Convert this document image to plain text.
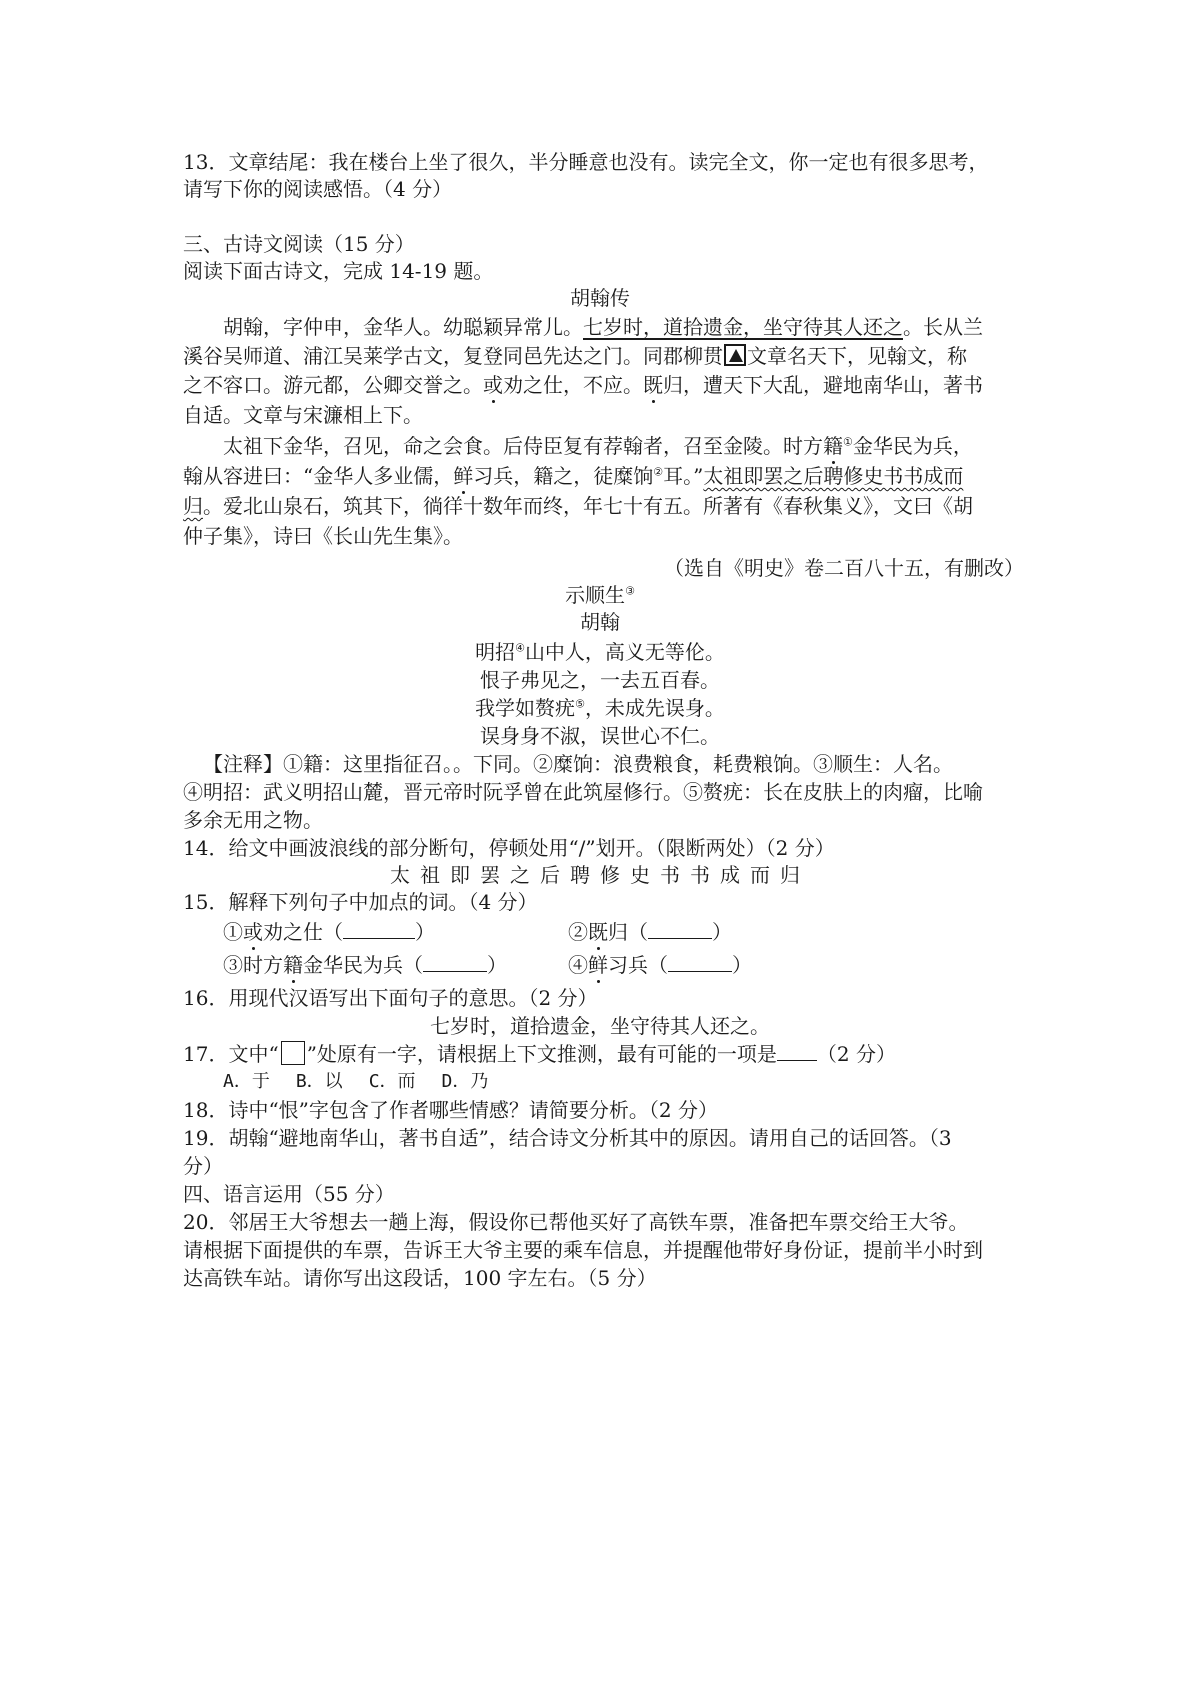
13．文章结尾：我在楼台上坐了很久，半分睡意也没有。读完全文，你一定也有很多思考，
请写下你的阅读感悟。（4 分）
三、古诗文阅读（15 分）
阅读下面古诗文，完成 14-19 题。
胡翰传
胡翰，字仲申，金华人。幼聪颖异常儿。七岁时，道拾遗金，坐守待其人还之。长从兰
溪谷吴师道、浦江吴莱学古文，复登同邑先达之门。同郡柳贯 文章名天下，见翰文，称
之不容口。游元都，公卿交誉之。或劝之仕，不应。既归，遭天下大乱，避地南华山，著书
自适。文章与宋濂相上下。
太祖下金华，召见，命之会食。后侍臣复有荐翰者，召至金陵。时方籍①金华民为兵，
翰从容进曰：“金华人多业儒，鲜习兵，籍之，徒糜饷②耳。”太祖即罢之后聘修史书书成而
归。爱北山泉石，筑其下，徜徉十数年而终，年七十有五。所著有《春秋集义》，文曰《胡
仲子集》，诗曰《长山先生集》。
（选自《明史》卷二百八十五，有删改）
示顺生③
胡翰
明招④山中人，高义无等伦。
恨子弗见之，一去五百春。
我学如赘疣⑤，未成先误身。
误身身不淑，误世心不仁。
【注释】①籍：这里指征召。。下同。②糜饷：浪费粮食，耗费粮饷。③顺生：人名。
④明招：武义明招山麓，晋元帝时阮孚曾在此筑屋修行。⑤赘疣：长在皮肤上的肉瘤，比喻
多余无用之物。
14．给文中画波浪线的部分断句，停顿处用“/”划开。（限断两处）（2 分）
太祖即罢之后聘修史书书成而归
15．解释下列句子中加点的词。（4 分）
①或劝之仕（	）	②既归（	）
③时方籍金华民为兵（	）	④鲜习兵（	）
16．用现代汉语写出下面句子的意思。（2 分）
七岁时，道拾遗金，坐守待其人还之。
17．文中“ ”处原有一字，请根据上下文推测，最有可能的一项是 （2 分）
A．于 B．以 C．而 D．乃
18．诗中“恨”字包含了作者哪些情感？请简要分析。（2 分）
19．胡翰“避地南华山，著书自适”，结合诗文分析其中的原因。请用自己的话回答。（3
分）
四、语言运用（55 分）
20．邻居王大爷想去一趟上海，假设你已帮他买好了高铁车票，准备把车票交给王大爷。
请根据下面提供的车票，告诉王大爷主要的乘车信息，并提醒他带好身份证，提前半小时到
达高铁车站。请你写出这段话，100 字左右。（5 分）
